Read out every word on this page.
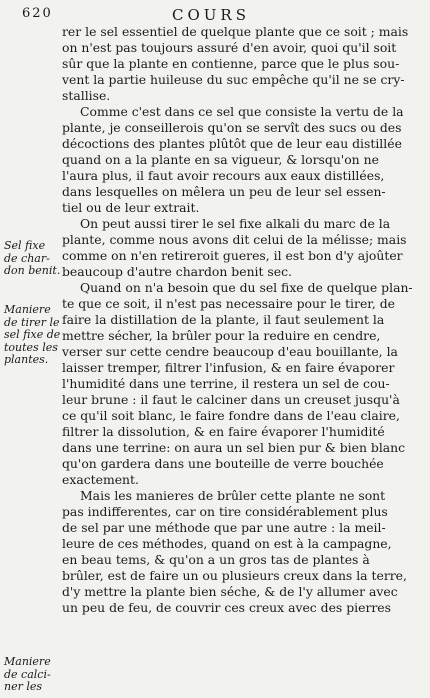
620	COURS
Sel fixe
de char-
don benit.
Maniere
de tirer le
sel fixe de
toutes les
plantes.
Maniere
de calci-
ner les
rer le sel essentiel de quelque plante que ce soit ; mais
on n'est pas toujours assuré d'en avoir, quoi qu'il soit
sûr que la plante en contienne, parce que le plus sou-
vent la partie huileuse du suc empêche qu'il ne se cry-
stallise.
Comme c'est dans ce sel que consiste la vertu de la
plante, je conseillerois qu'on se servît des sucs ou des
décoctions des plantes plûtôt que de leur eau distillée
quand on a la plante en sa vigueur, & lorsqu'on ne
l'aura plus, il faut avoir recours aux eaux distillées,
dans lesquelles on mêlera un peu de leur sel essen-
tiel ou de leur extrait.
On peut aussi tirer le sel fixe alkali du marc de la
plante, comme nous avons dit celui de la mélisse; mais
comme on n'en retireroit gueres, il est bon d'y ajoûter
beaucoup d'autre chardon benit sec.
Quand on n'a besoin que du sel fixe de quelque plan-
te que ce soit, il n'est pas necessaire pour le tirer, de
faire la distillation de la plante, il faut seulement la
mettre sécher, la brûler pour la reduire en cendre,
verser sur cette cendre beaucoup d'eau bouillante, la
laisser tremper, filtrer l'infusion, & en faire évaporer
l'humidité dans une terrine, il restera un sel de cou-
leur brune : il faut le calciner dans un creuset jusqu'à
ce qu'il soit blanc, le faire fondre dans de l'eau claire,
filtrer la dissolution, & en faire évaporer l'humidité
dans une terrine: on aura un sel bien pur & bien blanc
qu'on gardera dans une bouteille de verre bouchée
exactement.
Mais les manieres de brûler cette plante ne sont
pas indifferentes, car on tire considérablement plus
de sel par une méthode que par une autre : la meil-
leure de ces méthodes, quand on est à la campagne,
en beau tems, & qu'on a un gros tas de plantes à
brûler, est de faire un ou plusieurs creux dans la terre,
d'y mettre la plante bien séche, & de l'y allumer avec
un peu de feu, de couvrir ces creux avec des pierres
